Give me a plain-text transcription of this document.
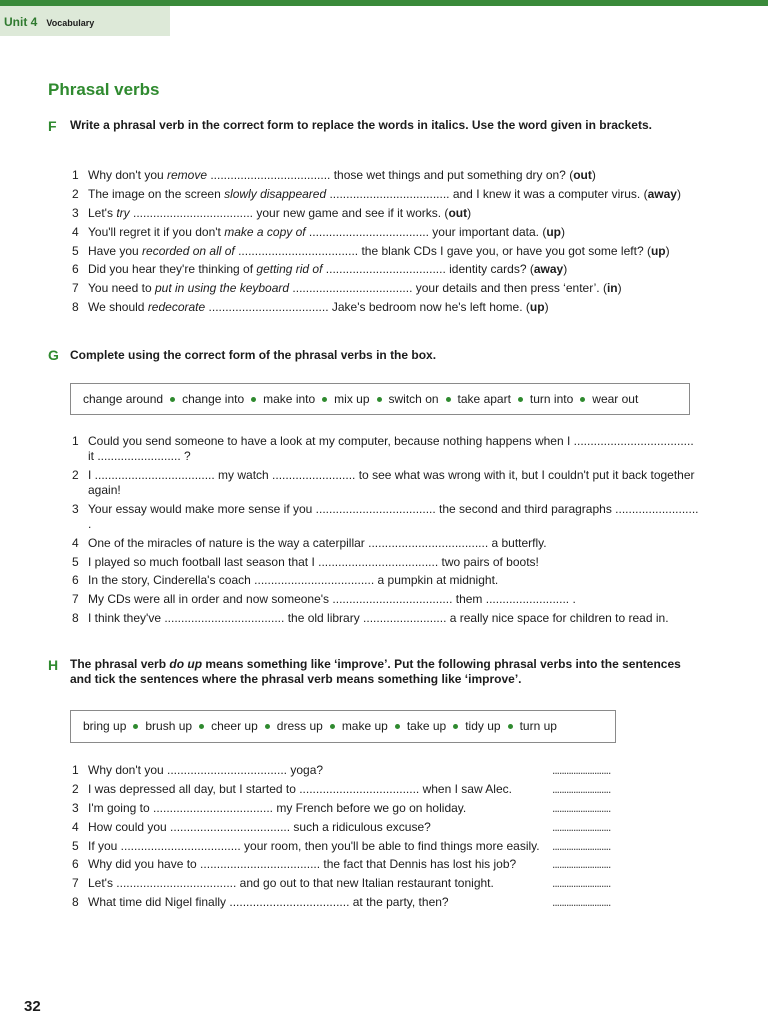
Unit 4 Vocabulary
Phrasal verbs
F Write a phrasal verb in the correct form to replace the words in italics. Use the word given in brackets.
1 Why don't you remove .................................... those wet things and put something dry on? (out)
2 The image on the screen slowly disappeared .................................... and I knew it was a computer virus. (away)
3 Let's try .................................... your new game and see if it works. (out)
4 You'll regret it if you don't make a copy of .................................... your important data. (up)
5 Have you recorded on all of .................................... the blank CDs I gave you, or have you got some left? (up)
6 Did you hear they're thinking of getting rid of .................................... identity cards? (away)
7 You need to put in using the keyboard .................................... your details and then press ‘enter’. (in)
8 We should redecorate .................................... Jake's bedroom now he's left home. (up)
G Complete using the correct form of the phrasal verbs in the box.
change around change into make into mix up switch on take apart turn into wear out
1 Could you send someone to have a look at my computer, because nothing happens when I .................................... it ......................... ?
2 I .................................... my watch ......................... to see what was wrong with it, but I couldn't put it back together again!
3 Your essay would make more sense if you .................................... the second and third paragraphs ......................... .
4 One of the miracles of nature is the way a caterpillar .................................... a butterfly.
5 I played so much football last season that I .................................... two pairs of boots!
6 In the story, Cinderella's coach .................................... a pumpkin at midnight.
7 My CDs were all in order and now someone's .................................... them ......................... .
8 I think they've .................................... the old library ......................... a really nice space for children to read in.
H The phrasal verb do up means something like ‘improve’. Put the following phrasal verbs into the sentences and tick the sentences where the phrasal verb means something like ‘improve’.
bring up brush up cheer up dress up make up take up tidy up turn up
1 Why don't you .................................... yoga?	.........................
2 I was depressed all day, but I started to .................................... when I saw Alec.	.........................
3 I'm going to .................................... my French before we go on holiday.	.........................
4 How could you .................................... such a ridiculous excuse?	.........................
5 If you .................................... your room, then you'll be able to find things more easily. .........................
6 Why did you have to .................................... the fact that Dennis has lost his job?	.........................
7 Let's .................................... and go out to that new Italian restaurant tonight.	.........................
8 What time did Nigel finally .................................... at the party, then?	.........................
32
